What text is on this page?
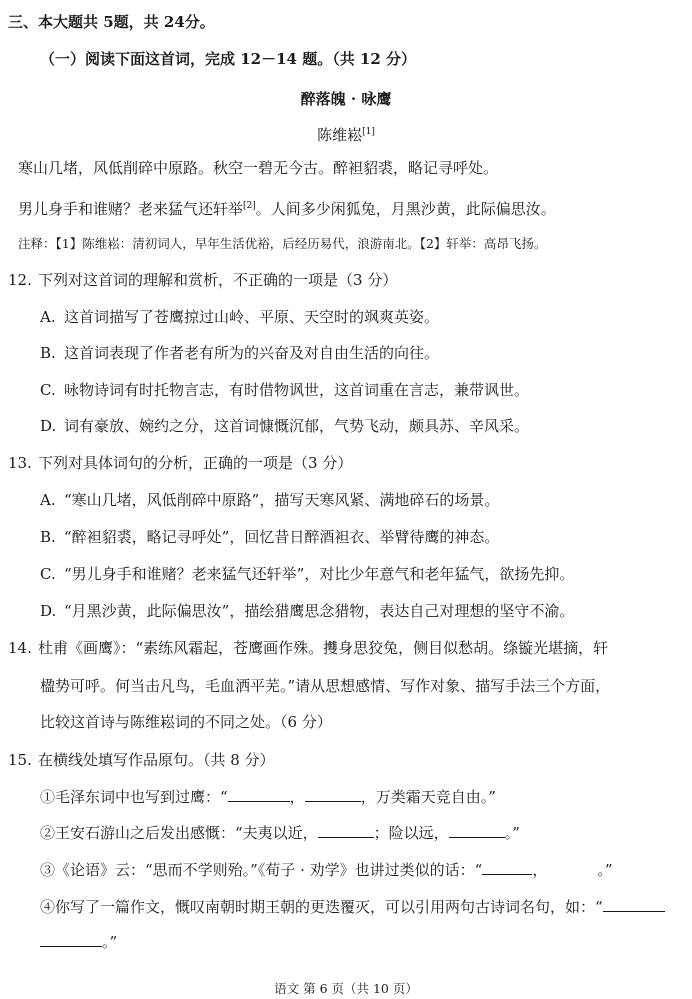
三、本大题共 5题，共 24分。
（一）阅读下面这首词，完成 12－14 题。（共 12 分）
醉落魄 · 咏鹰
陈维崧[1]
寒山几堵，风低削碎中原路。秋空一碧无今古。醉袒貂裘，略记寻呼处。
男儿身手和谁赌？老来猛气还轩举[2]。人间多少闲狐兔，月黑沙黄，此际偏思汝。
注释：【1】陈维崧：清初词人，早年生活优裕，后经历易代，浪游南北。【2】轩举：高昂飞扬。
12. 下列对这首词的理解和赏析，不正确的一项是（3 分）
A. 这首词描写了苍鹰掠过山岭、平原、天空时的飒爽英姿。
B. 这首词表现了作者老有所为的兴奋及对自由生活的向往。
C. 咏物诗词有时托物言志，有时借物讽世，这首词重在言志，兼带讽世。
D. 词有豪放、婉约之分，这首词慷慨沉郁，气势飞动，颇具苏、辛风采。
13. 下列对具体词句的分析，正确的一项是（3 分）
A. “寒山几堵，风低削碎中原路”，描写天寒风紧、满地碎石的场景。
B. “醉袒貂裘，略记寻呼处”，回忆昔日醉酒袒衣、举臂待鹰的神态。
C. “男儿身手和谁赌？老来猛气还轩举”，对比少年意气和老年猛气，欲扬先抑。
D. “月黑沙黄，此际偏思汝”，描绘猎鹰思念猎物，表达自己对理想的坚守不渝。
14. 杜甫《画鹰》：“素练风霜起，苍鹰画作殊。㩳身思狡兔，侧目似愁胡。绦镟光堪摘，轩
楹势可呼。何当击凡鸟，毛血洒平芜。”请从思想感情、写作对象、描写手法三个方面，
比较这首诗与陈维崧词的不同之处。（6 分）
15. 在横线处填写作品原句。（共 8 分）
①毛泽东词中也写到过鹰：“	，	，万类霜天竞自由。”
②王安石游山之后发出感慨：“夫夷以近，	；险以远，	。”
③《论语》云：“思而不学则殆。”《荀子 · 劝学》也讲过类似的话：“	，	。”
④你写了一篇作文，慨叹南朝时期王朝的更迭覆灭，可以引用两句古诗词名句，如：“
。”
语文 第 6 页（共 10 页）
